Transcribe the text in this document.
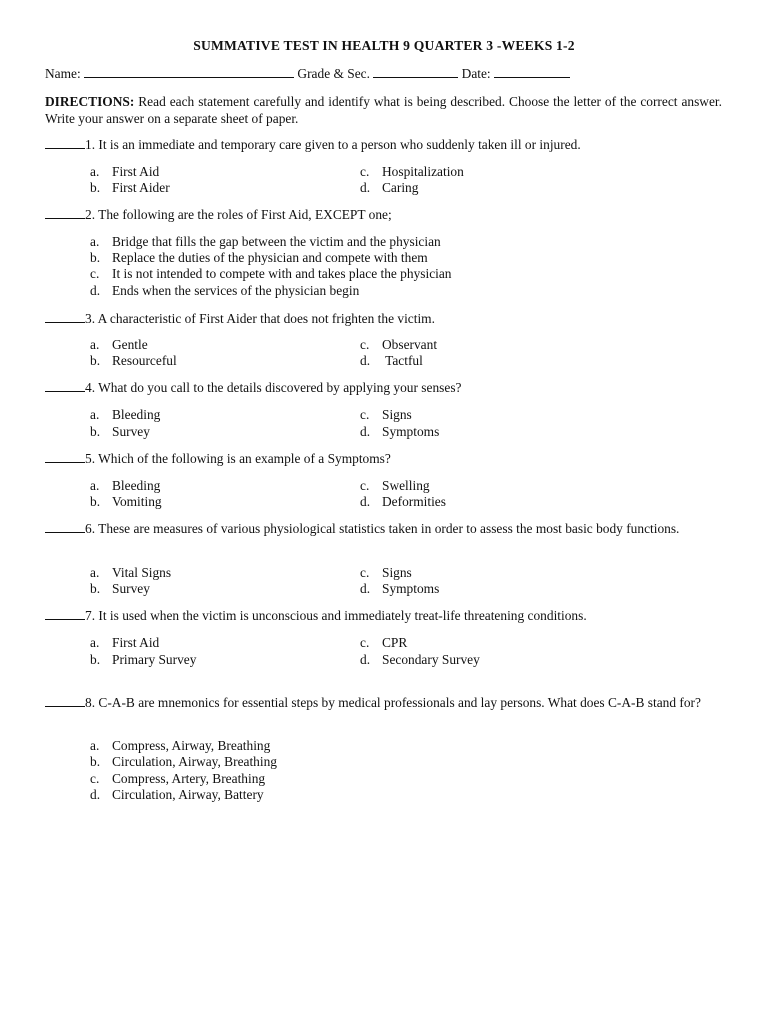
SUMMATIVE TEST IN HEALTH 9 QUARTER 3 -WEEKS 1-2
Name:	Grade & Sec.	Date:
DIRECTIONS: Read each statement carefully and identify what is being described. Choose the letter of the correct answer. Write your answer on a separate sheet of paper.
1. It is an immediate and temporary care given to a person who suddenly taken ill or injured.
a. First Aid
b. First Aider
c. Hospitalization
d. Caring
2. The following are the roles of First Aid, EXCEPT one;
a. Bridge that fills the gap between the victim and the physician
b. Replace the duties of the physician and compete with them
c. It is not intended to compete with and takes place the physician
d. Ends when the services of the physician begin
3. A characteristic of First Aider that does not frighten the victim.
a. Gentle
b. Resourceful
c. Observant
d. Tactful
4. What do you call to the details discovered by applying your senses?
a. Bleeding
b. Survey
c. Signs
d. Symptoms
5. Which of the following is an example of a Symptoms?
a. Bleeding
b. Vomiting
c. Swelling
d. Deformities
6. These are measures of various physiological statistics taken in order to assess the most basic body functions.
a. Vital Signs
b. Survey
c. Signs
d. Symptoms
7. It is used when the victim is unconscious and immediately treat-life threatening conditions.
a. First Aid
b. Primary Survey
c. CPR
d. Secondary Survey
8. C-A-B are mnemonics for essential steps by medical professionals and lay persons. What does C-A-B stand for?
a. Compress, Airway, Breathing
b. Circulation, Airway, Breathing
c. Compress, Artery, Breathing
d. Circulation, Airway, Battery
